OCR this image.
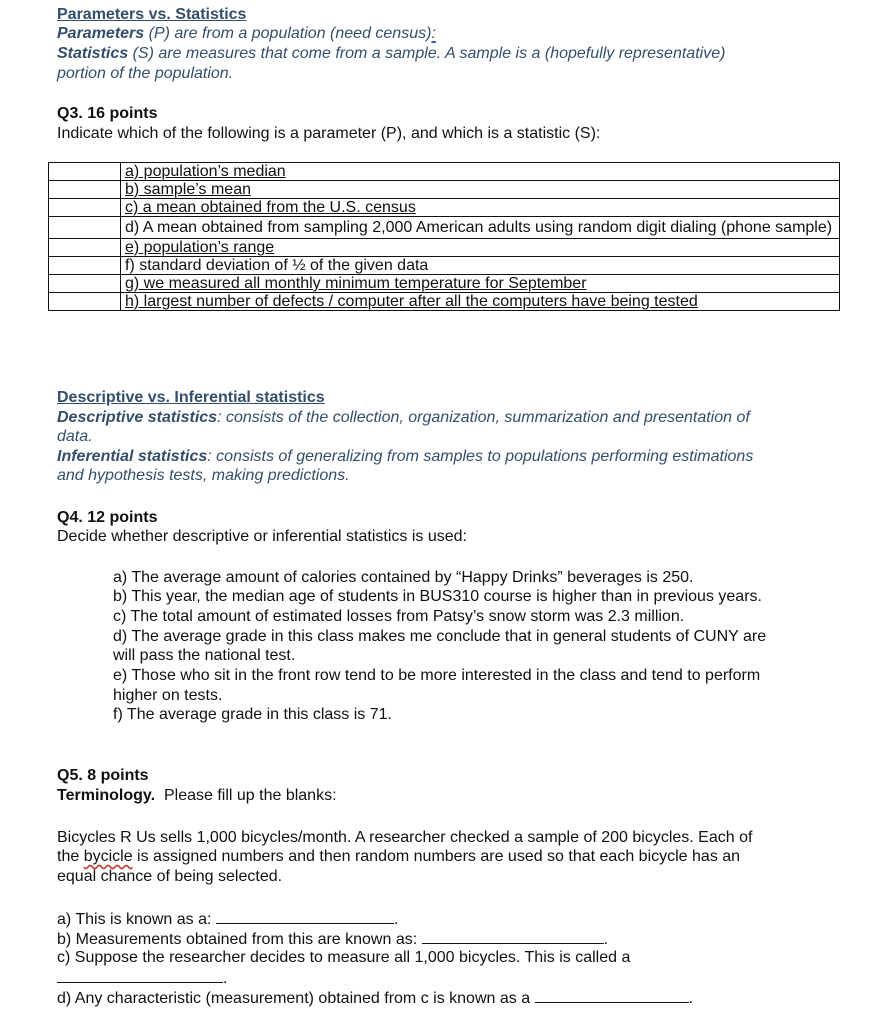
Parameters vs. Statistics
Parameters (P) are from a population (need census):
Statistics (S) are measures that come from a sample. A sample is a (hopefully representative)
portion of the population.
Q3. 16 points
Indicate which of the following is a parameter (P), and which is a statistic (S):
	a) population’s median
	b) sample’s mean
	c) a mean obtained from the U.S. census
	d) A mean obtained from sampling 2,000 American adults using random digit dialing (phone sample)
	e) population’s range
	f) standard deviation of ½ of the given data
	g) we measured all monthly minimum temperature for September
	h) largest number of defects / computer after all the computers have being tested
Descriptive vs. Inferential statistics
Descriptive statistics: consists of the collection, organization, summarization and presentation of
data.
Inferential statistics: consists of generalizing from samples to populations performing estimations
and hypothesis tests, making predictions.
Q4. 12 points
Decide whether descriptive or inferential statistics is used:
a) The average amount of calories contained by “Happy Drinks” beverages is 250.
b) This year, the median age of students in BUS310 course is higher than in previous years.
c) The total amount of estimated losses from Patsy’s snow storm was 2.3 million.
d) The average grade in this class makes me conclude that in general students of CUNY are
will pass the national test.
e) Those who sit in the front row tend to be more interested in the class and tend to perform
higher on tests.
f) The average grade in this class is 71.
Q5. 8 points
Terminology.  Please fill up the blanks:
Bicycles R Us sells 1,000 bicycles/month. A researcher checked a sample of 200 bicycles. Each of
the bycicle is assigned numbers and then random numbers are used so that each bicycle has an
equal chance of being selected.
a) This is known as a:	.
b) Measurements obtained from this are known as:	.
c) Suppose the researcher decides to measure all 1,000 bicycles. This is called a
.
d) Any characteristic (measurement) obtained from c is known as a	.
